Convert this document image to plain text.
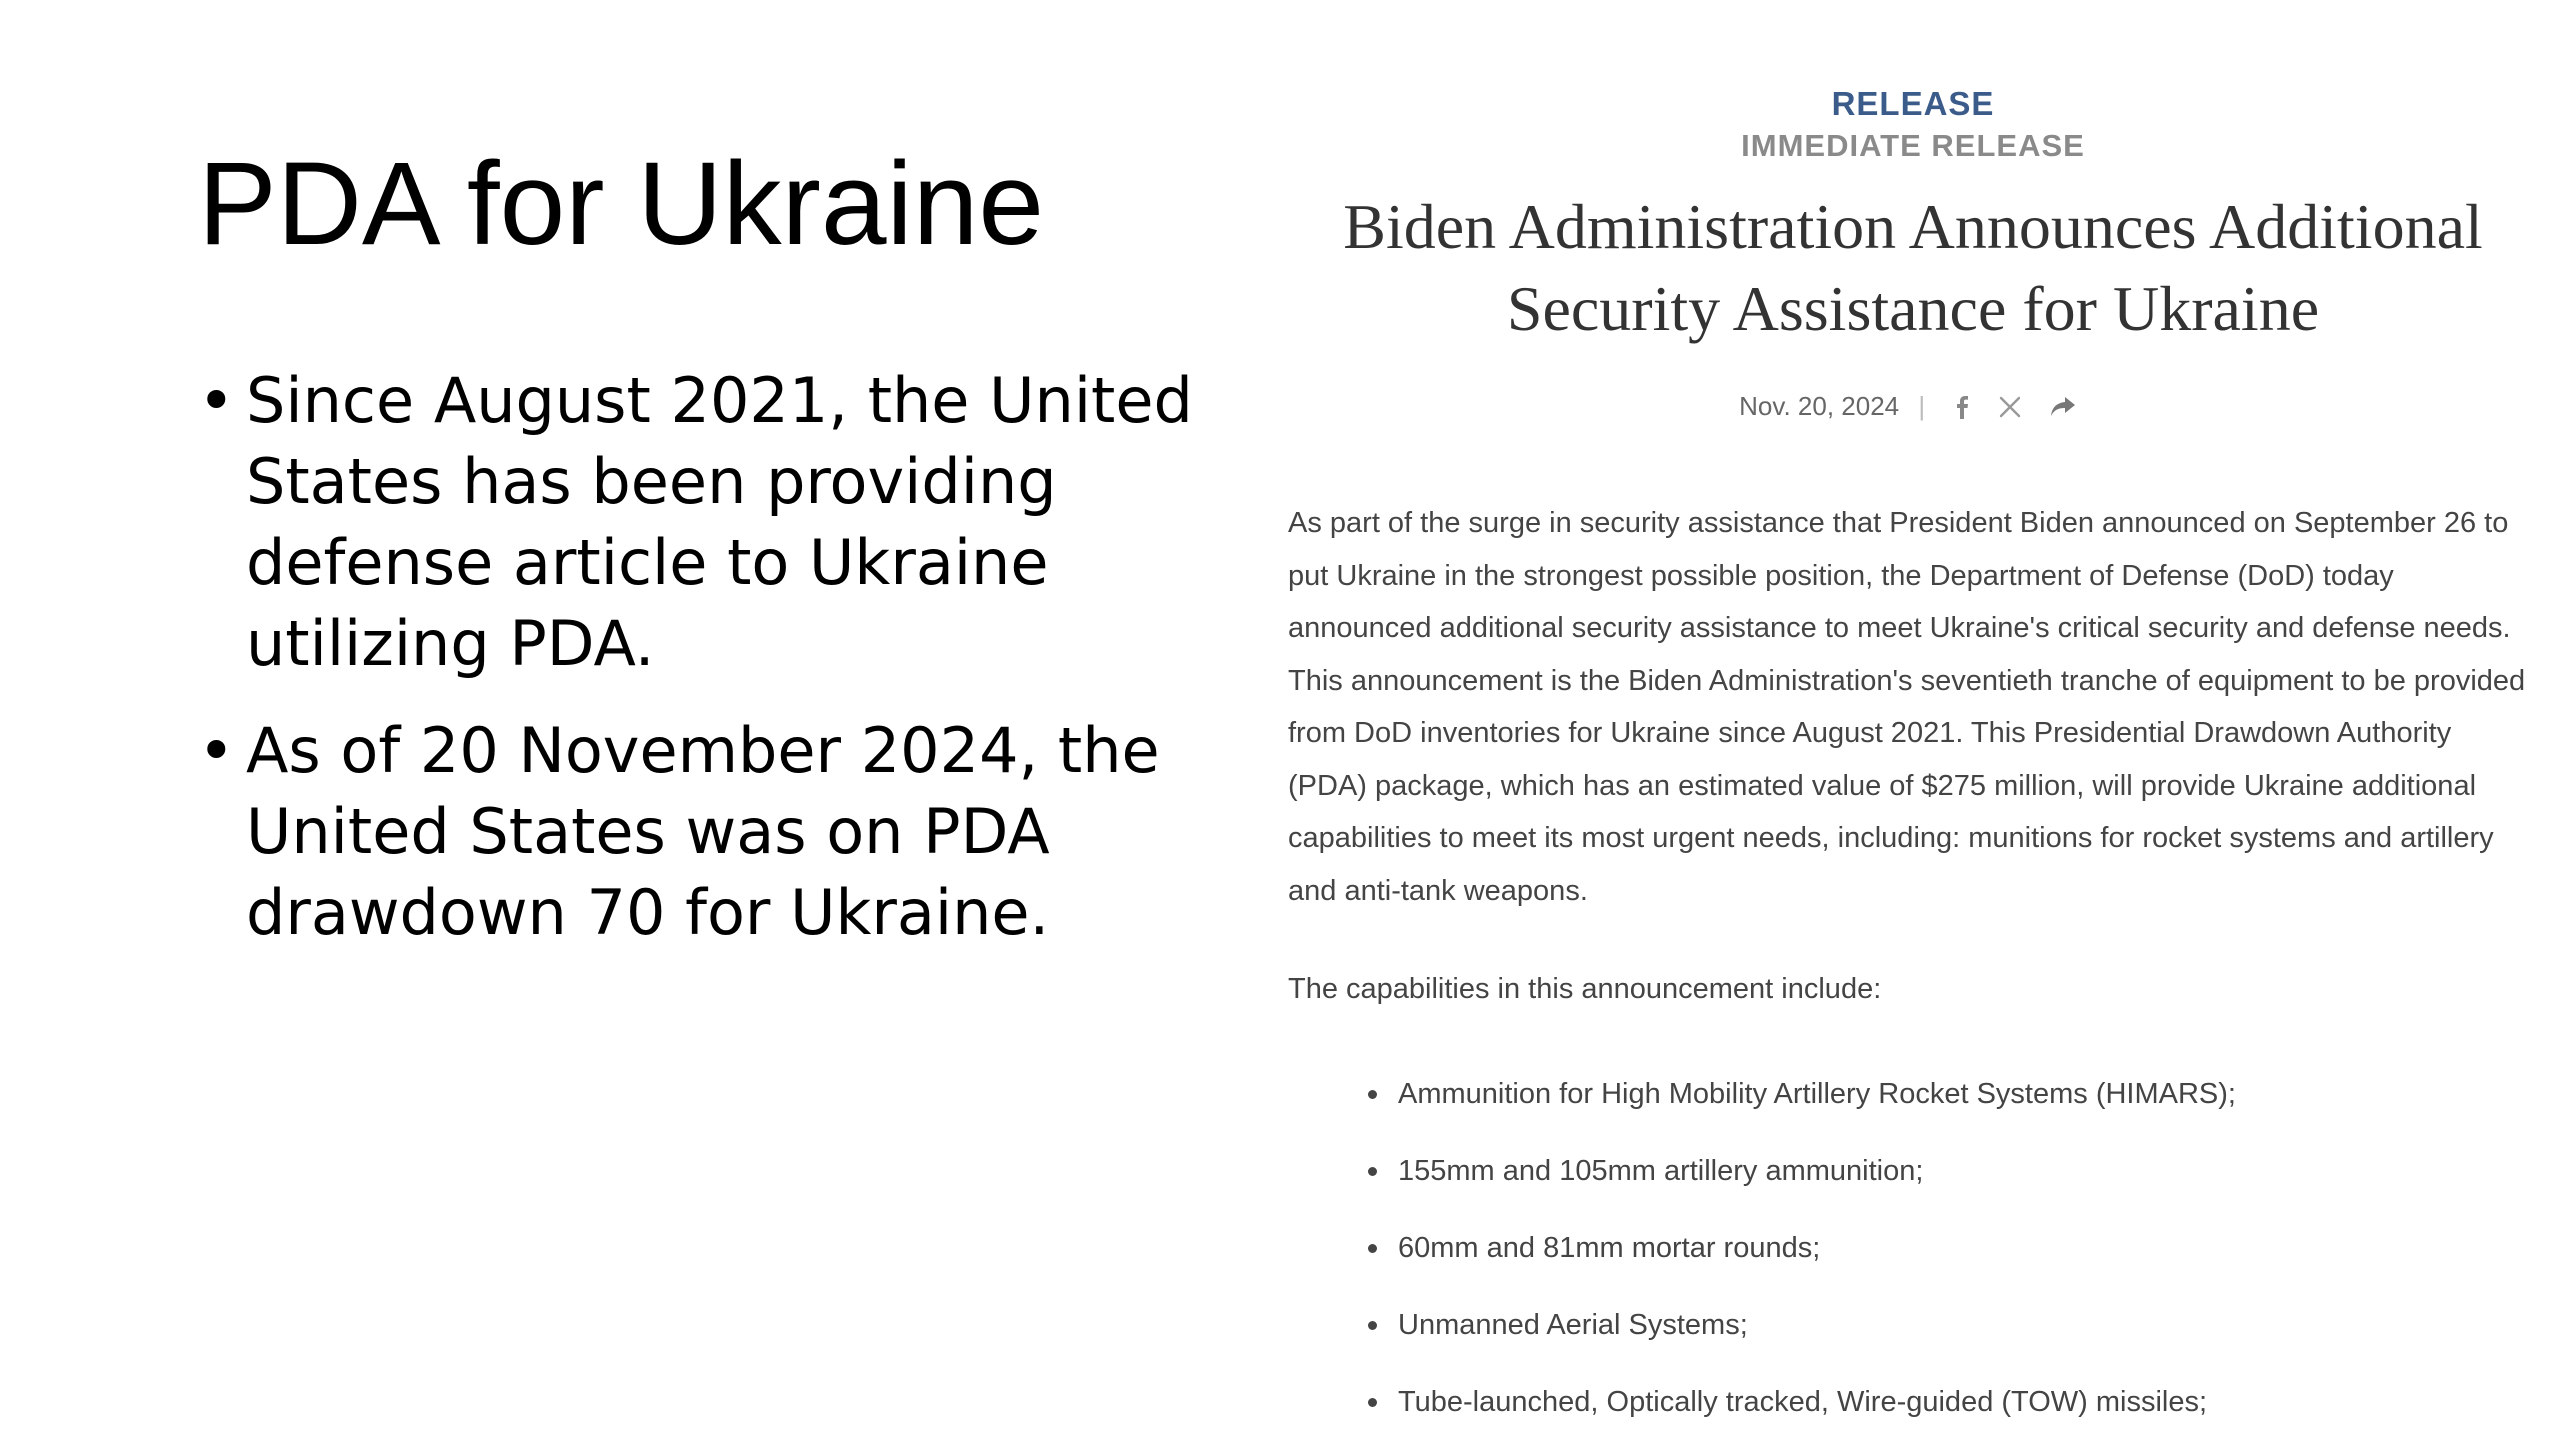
PDA for Ukraine
• Since August 2021, the United States has been providing defense article to Ukraine utilizing PDA.
• As of 20 November 2024, the United States was on PDA drawdown 70 for Ukraine.
RELEASE
IMMEDIATE RELEASE
Biden Administration Announces Additional Security Assistance for Ukraine
Nov. 20, 2024 |

As part of the surge in security assistance that President Biden announced on September 26 to put Ukraine in the strongest possible position, the Department of Defense (DoD) today announced additional security assistance to meet Ukraine's critical security and defense needs. This announcement is the Biden Administration's seventieth tranche of equipment to be provided from DoD inventories for Ukraine since August 2021. This Presidential Drawdown Authority (PDA) package, which has an estimated value of $275 million, will provide Ukraine additional capabilities to meet its most urgent needs, including: munitions for rocket systems and artillery and anti-tank weapons.

The capabilities in this announcement include:

Ammunition for High Mobility Artillery Rocket Systems (HIMARS);
155mm and 105mm artillery ammunition;
60mm and 81mm mortar rounds;
Unmanned Aerial Systems;
Tube-launched, Optically tracked, Wire-guided (TOW) missiles;
